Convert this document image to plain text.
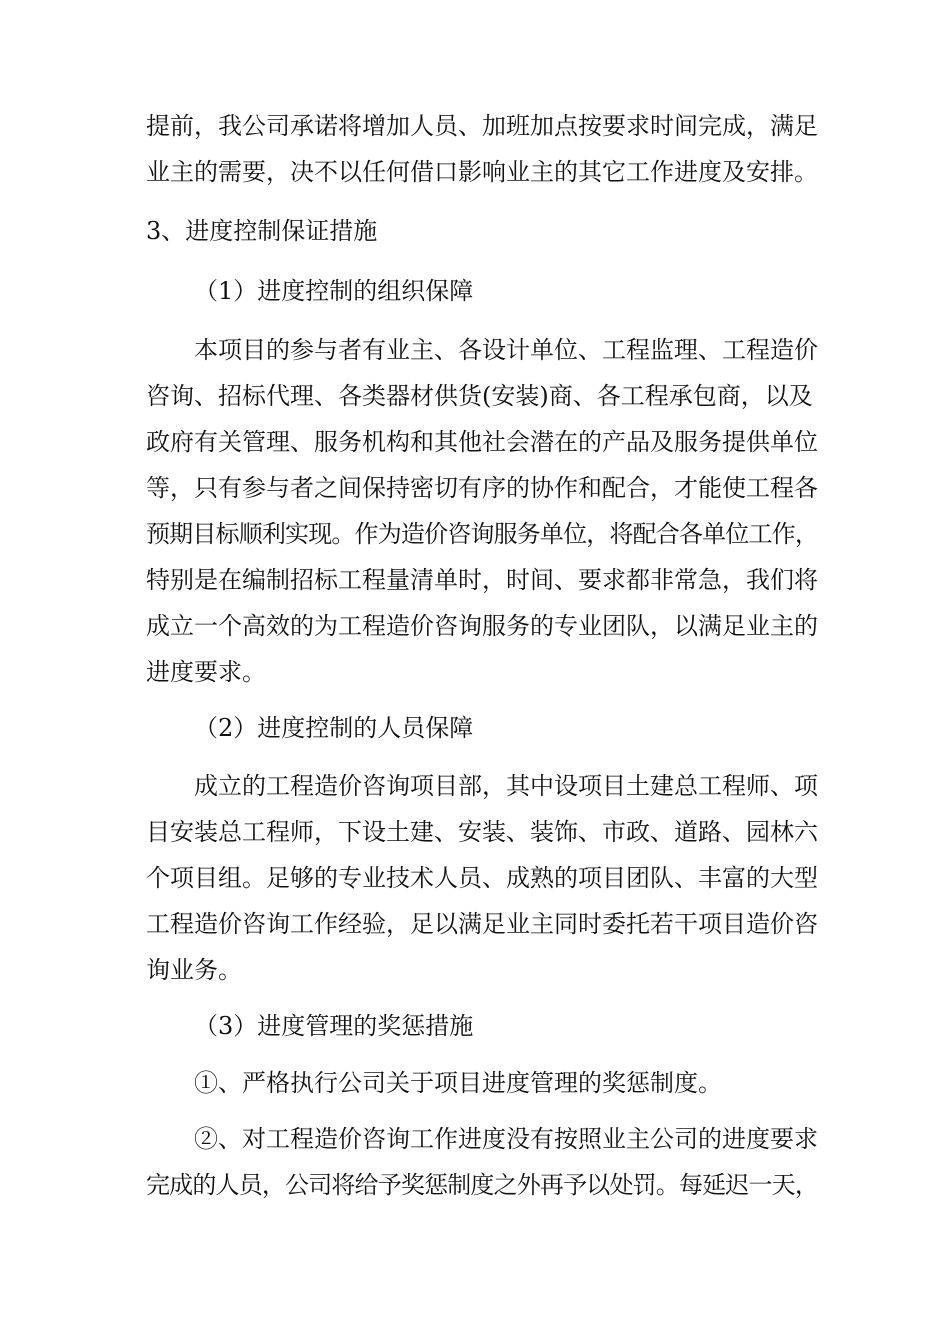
提前，我公司承诺将增加人员、加班加点按要求时间完成，满足
业主的需要，决不以任何借口影响业主的其它工作进度及安排。
3、进度控制保证措施
（1）进度控制的组织保障
本项目的参与者有业主、各设计单位、工程监理、工程造价
咨询、招标代理、各类器材供货(安装)商、各工程承包商，以及
政府有关管理、服务机构和其他社会潜在的产品及服务提供单位
等，只有参与者之间保持密切有序的协作和配合，才能使工程各
预期目标顺利实现。作为造价咨询服务单位，将配合各单位工作，
特别是在编制招标工程量清单时，时间、要求都非常急，我们将
成立一个高效的为工程造价咨询服务的专业团队，以满足业主的
进度要求。
（2）进度控制的人员保障
成立的工程造价咨询项目部，其中设项目土建总工程师、项
目安装总工程师，下设土建、安装、装饰、市政、道路、园林六
个项目组。足够的专业技术人员、成熟的项目团队、丰富的大型
工程造价咨询工作经验，足以满足业主同时委托若干项目造价咨
询业务。
（3）进度管理的奖惩措施
①、严格执行公司关于项目进度管理的奖惩制度。
②、对工程造价咨询工作进度没有按照业主公司的进度要求
完成的人员，公司将给予奖惩制度之外再予以处罚。每延迟一天，
